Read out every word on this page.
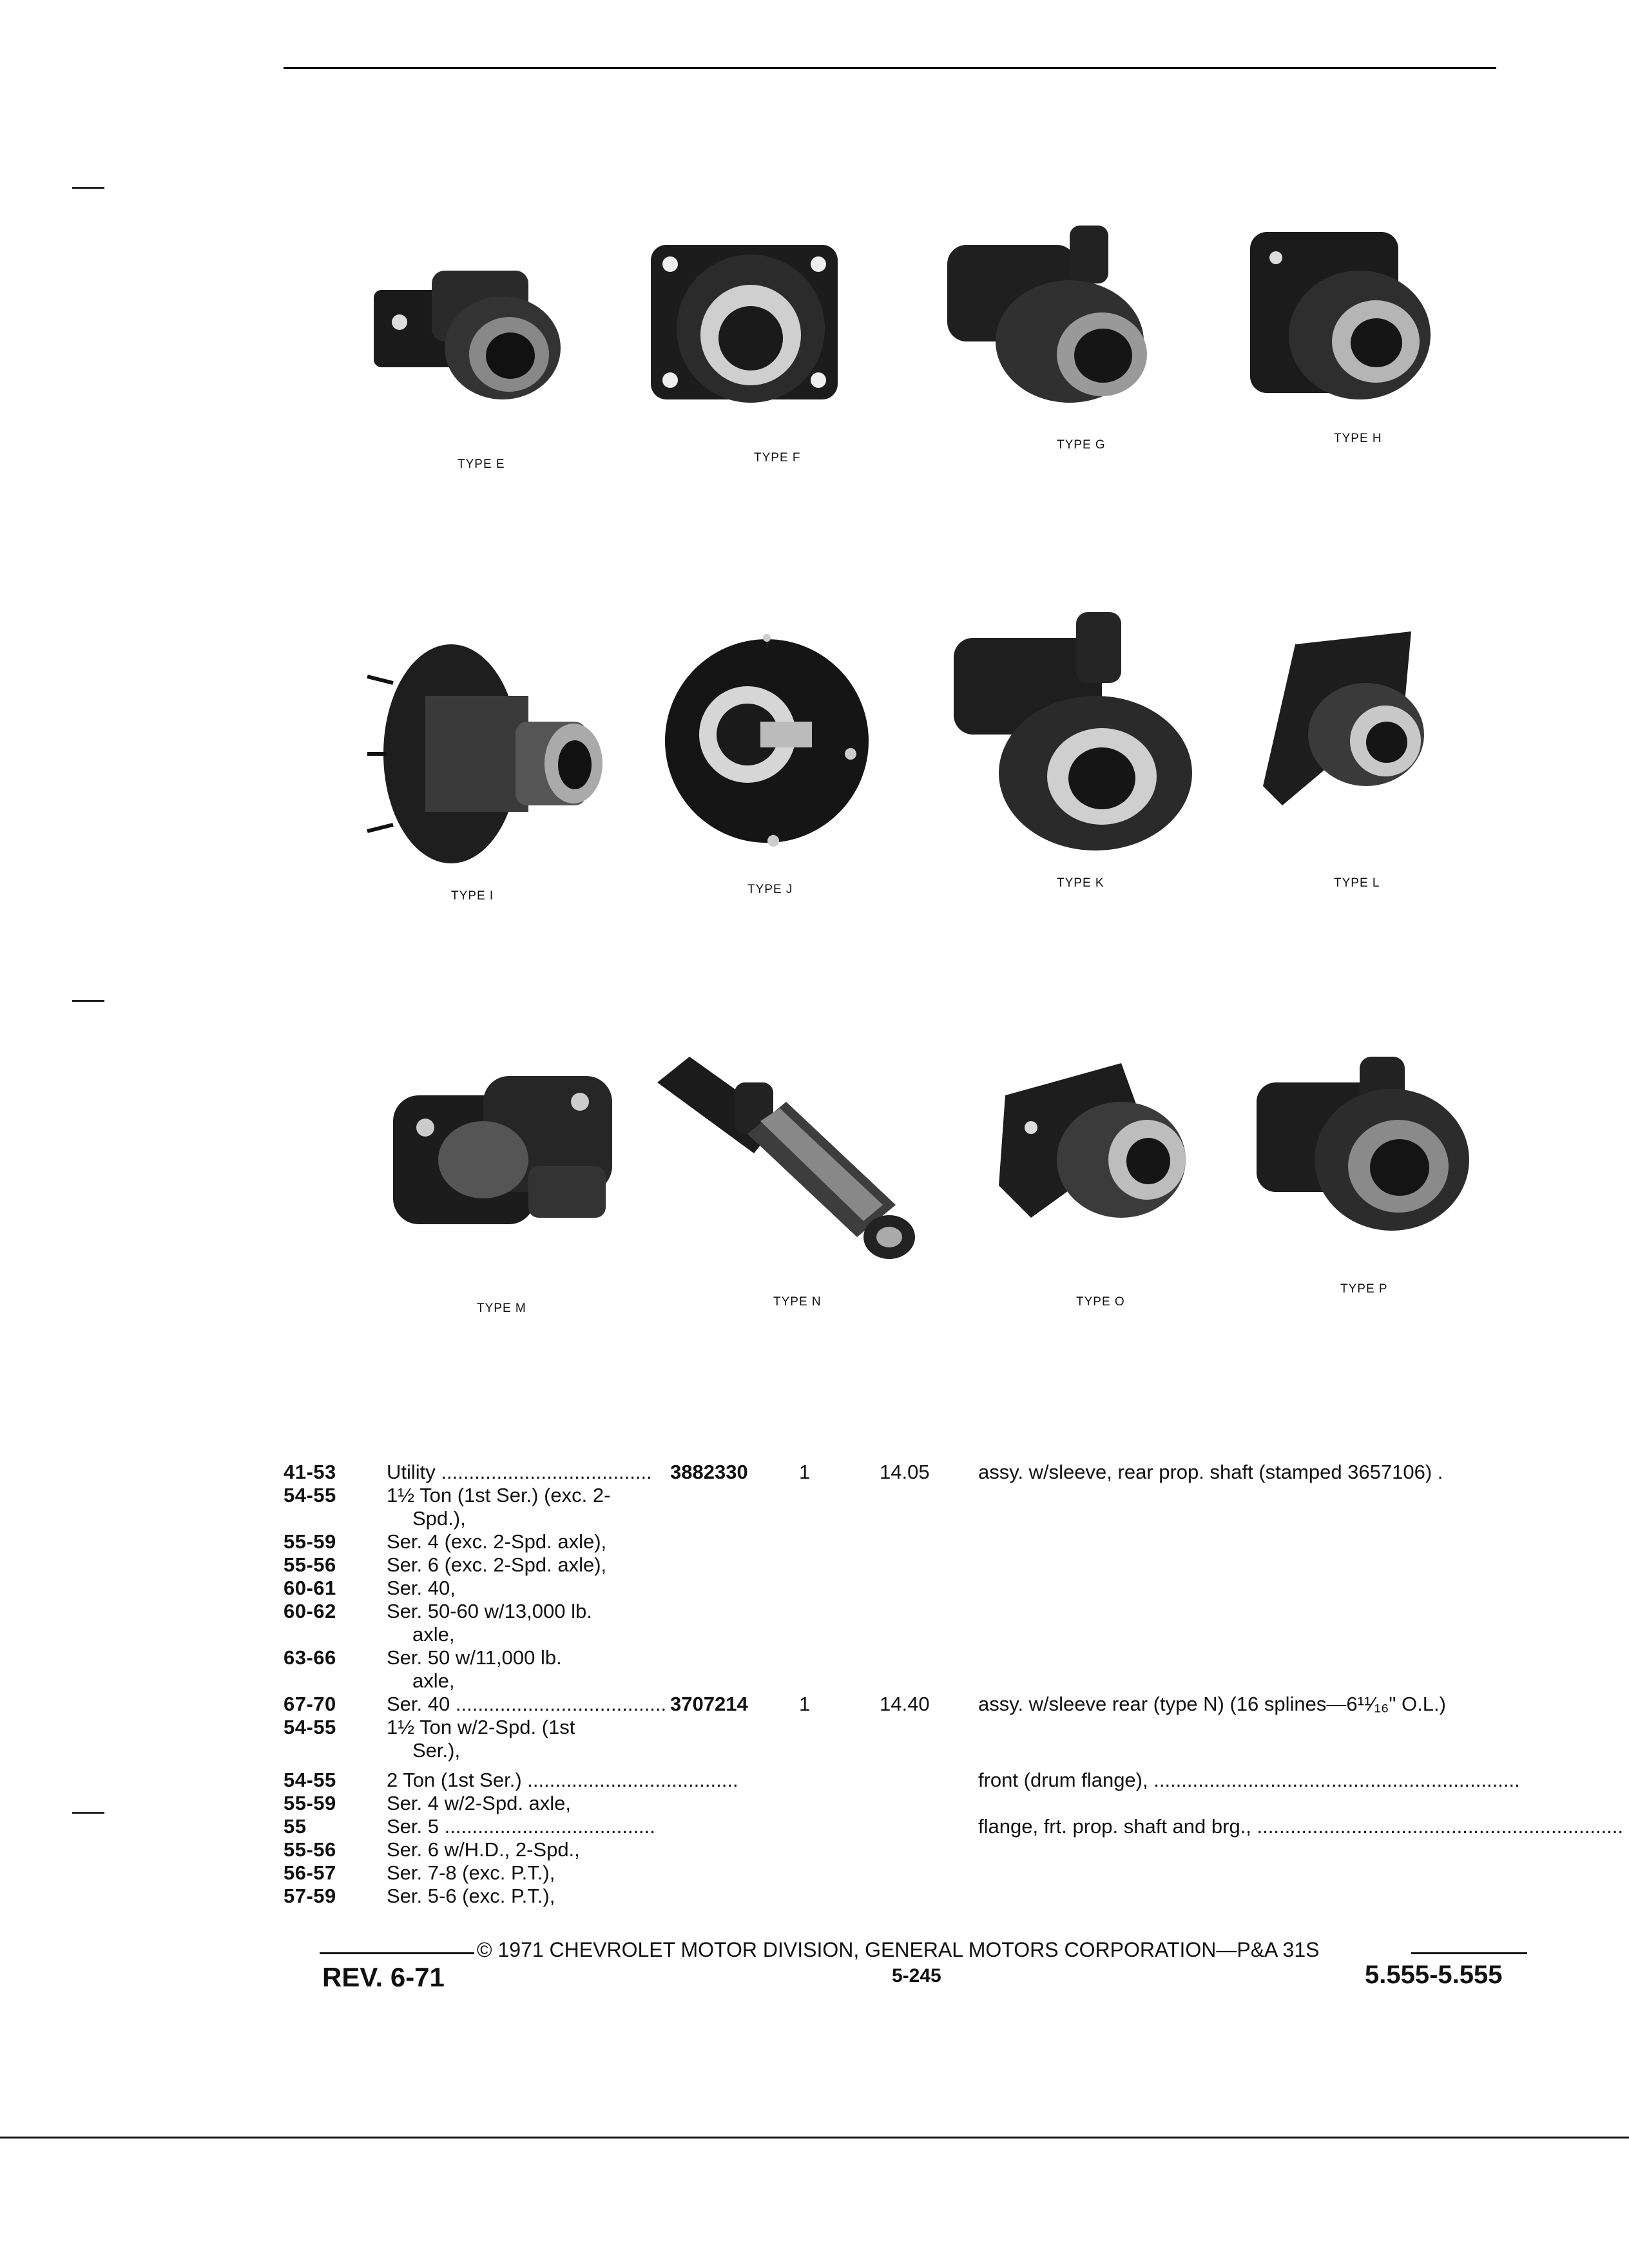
TYPE E	TYPE F
TYPE G	TYPE H
TYPE I	TYPE J	TYPE K	TYPE L
TYPE M	TYPE N	TYPE O
TYPE P
41-53	Utility ...................................... 3882330	1	14.05 assy. w/sleeve, rear prop. shaft (stamped 3657106) .
54-55	1½ Ton (1st Ser.) (exc. 2-
Spd.),
55-59	Ser. 4 (exc. 2-Spd. axle),
55-56	Ser. 6 (exc. 2-Spd. axle),
60-61	Ser. 40,
60-62	Ser. 50-60 w/13,000 lb.
axle,
63-66	Ser. 50 w/11,000 lb.
axle,
67-70	Ser. 40 ...................................... 3707214	1	14.40 assy. w/sleeve rear (type N) (16 splines—6¹¹⁄₁₆" O.L.)
54-55	1½ Ton w/2-Spd. (1st
Ser.),
54-55	2 Ton (1st Ser.) ......................................	front (drum flange), ..................................................................
55-59	Ser. 4 w/2-Spd. axle,
55	Ser. 5 ......................................	flange, frt. prop. shaft and brg., ..................................................................
55-56	Ser. 6 w/H.D., 2-Spd.,
56-57	Ser. 7-8 (exc. P.T.),
57-59	Ser. 5-6 (exc. P.T.),
© 1971 CHEVROLET MOTOR DIVISION, GENERAL MOTORS CORPORATION—P&A 31S
REV. 6-71	5-245	5.555-5.555
